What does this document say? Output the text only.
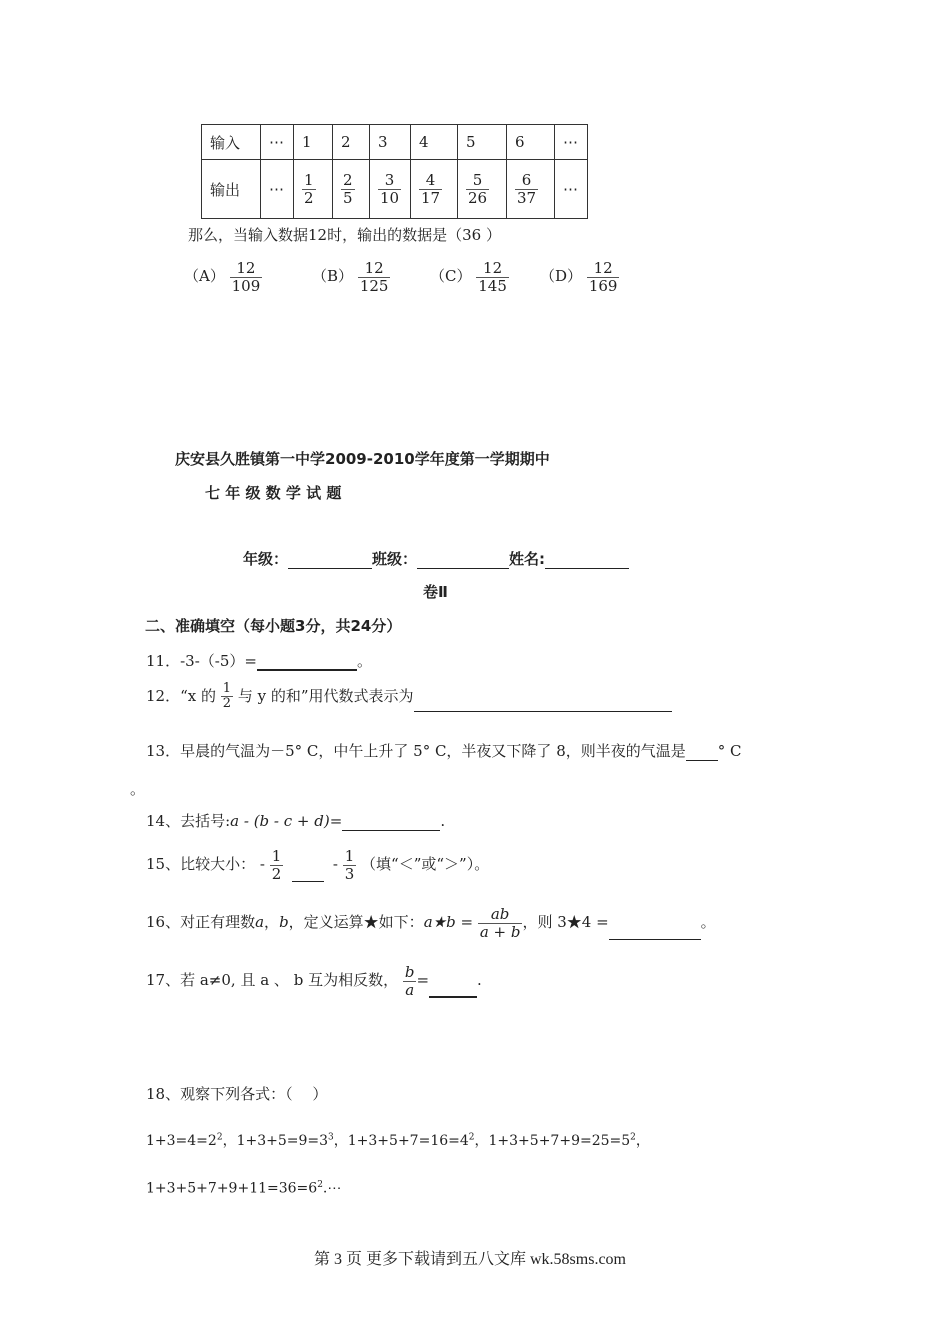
输入	⋯	1	2	3	4	5	6	⋯
输出	⋯	$\frac{1}{2}$	$\frac{2}{5}$	$\frac{3}{10}$	$\frac{4}{17}$	$\frac{5}{26}$	$\frac{6}{37}$	⋯
那么，当输入数据12时，输出的数据是（36 ）
$(A) \frac{12}{109}$	$(B) \frac{12}{125}$	$(C) \frac{12}{145} (D) \frac{12}{169}$
庆安县久胜镇第一中学2009-2010学年度第一学期期中
七 年 级 数 学 试 题
年级：	班级：	姓名:
卷Ⅱ
二、准确填空（每小题3分，共24分）
11．-3-（-5）=	。
12．“x 的 $\frac{1}{2}$ 与 y 的和”用代数式表示为
13．早晨的气温为－5° C，中午上升了 5° C，半夜又下降了 8，则半夜的气温是 ° C
。
14、去括号:a - (b - c + d)=	.
15、比较大小： - $\frac{1}{2}$	- $\frac{1}{3}$ （填“＜”或“＞”）。
16、对正有理数a，b，定义运算★如下：a★b = $\frac{ab}{a + b}$ ，则 3★4 =	。
17、若 a≠0, 且 a 、 b 互为相反数， $\frac{b}{a}$ =	.
18、观察下列各式：（　 ）
$1+3=4=2^2$，$1+3+5=9=3^3$，$1+3+5+7=16=4^2$，$1+3+5+7+9=25=5^2$，
$1+3+5+7+9+11=36=6^2.\cdots$
第 3 页 更多下载请到五八文库 wk.58sms.com
